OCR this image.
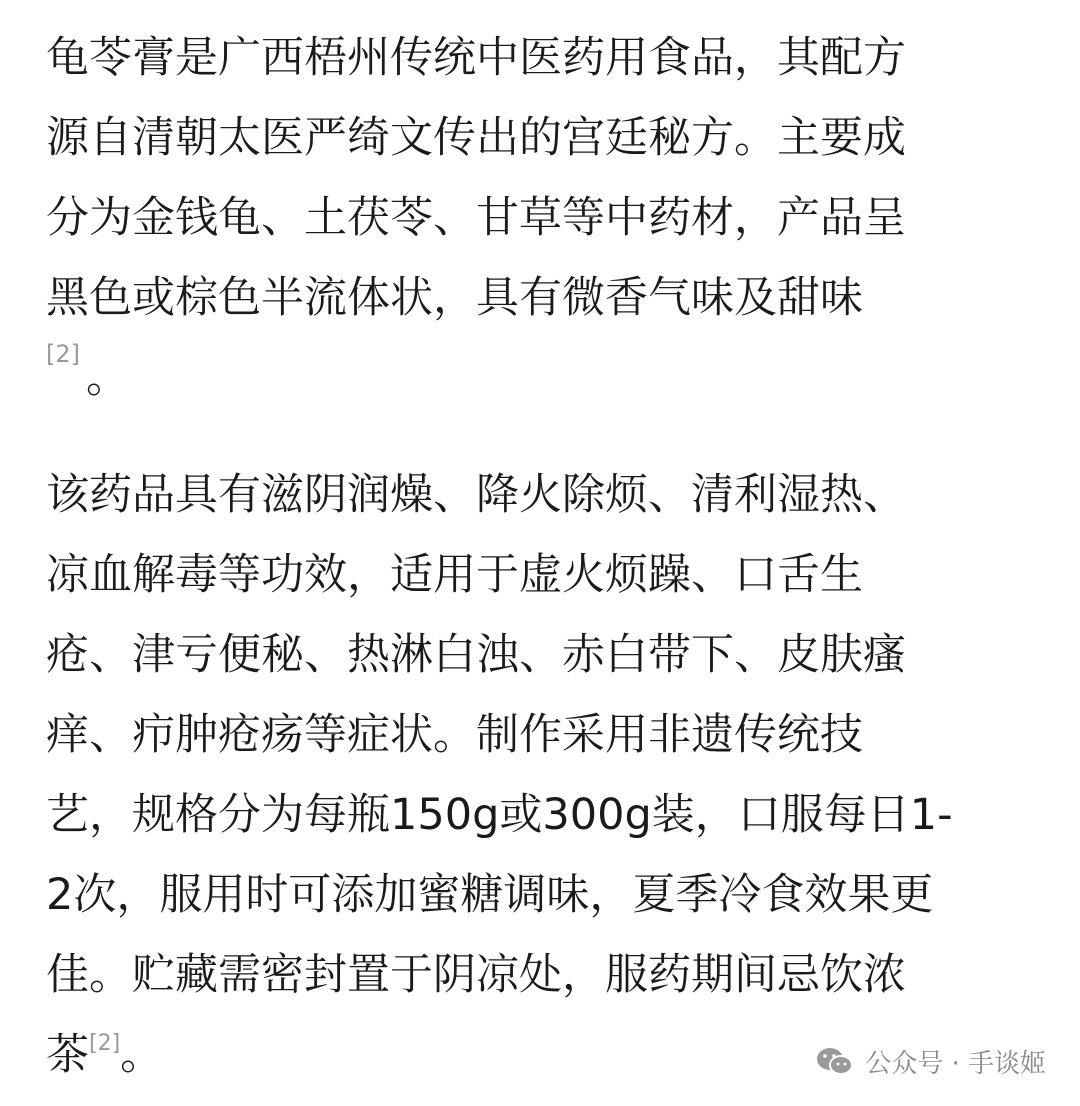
龟苓膏是广西梧州传统中医药用食品，其配方
源自清朝太医严绮文传出的宫廷秘方。主要成
分为金钱龟、土茯苓、甘草等中药材，产品呈
黑色或棕色半流体状，具有微香气味及甜味
[2] 。
该药品具有滋阴润燥、降火除烦、清利湿热、
凉血解毒等功效，适用于虚火烦躁、口舌生
疮、津亏便秘、热淋白浊、赤白带下、皮肤瘙
痒、疖肿疮疡等症状。制作采用非遗传统技
艺，规格分为每瓶150g或300g装，口服每日1-
2次，服用时可添加蜜糖调味，夏季冷食效果更
佳。贮藏需密封置于阴凉处，服药期间忌饮浓
茶[2]。	公众号 · 手谈姬
